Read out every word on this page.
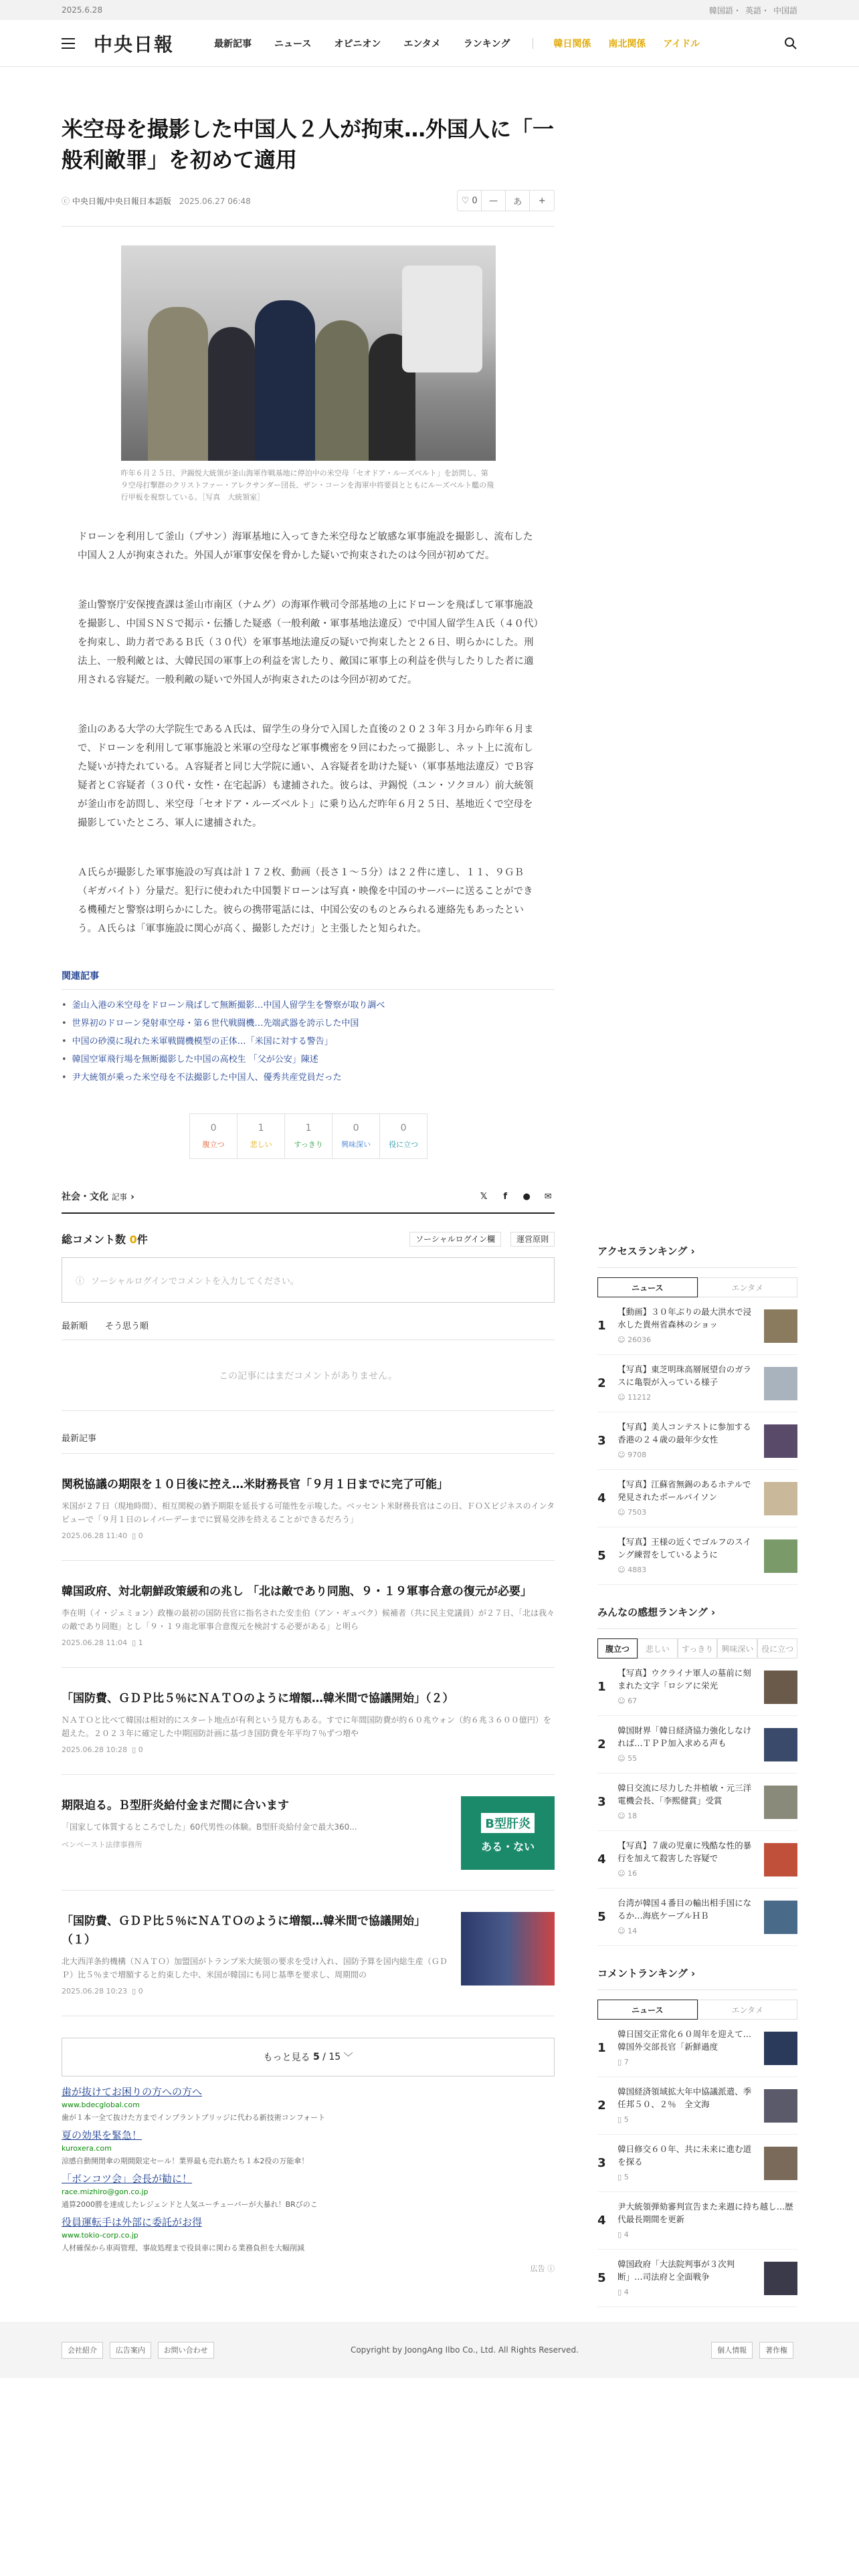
2025.6.28	韓国語・ 英語・ 中国語
中央日報	最新記事 ニュース オピニオン エンタメ ランキング	韓日関係 南北関係 アイドル
米空母を撮影した中国人２人が拘束…外国人に「一般利敵罪」を初めて適用
ⓒ 中央日報/中央日報日本語版 2025.06.27 06:48	♡ 0	—	あ	+
昨年６月２５日、尹錫悦大統領が釜山海軍作戦基地に停泊中の米空母「セオドア・ルーズベルト」を訪問し、第９空母打撃群のクリストファー・アレクサンダー団長、ザン・コーンを海軍中将要員とともにルーズベルト艦の飛行甲板を視察している。［写真　大統領室］

ドローンを利用して釜山（プサン）海軍基地に入ってきた米空母など敏感な軍事施設を撮影し、流布した中国人２人が拘束された。外国人が軍事安保を脅かした疑いで拘束されたのは今回が初めてだ。

釜山警察庁安保捜査課は釜山市南区（ナムグ）の海軍作戦司令部基地の上にドローンを飛ばして軍事施設を撮影し、中国ＳＮＳで掲示・伝播した疑惑（一般利敵・軍事基地法違反）で中国人留学生Ａ氏（４０代）を拘束し、助力者であるＢ氏（３０代）を軍事基地法違反の疑いで拘束したと２６日、明らかにした。刑法上、一般利敵とは、大韓民国の軍事上の利益を害したり、敵国に軍事上の利益を供与したりした者に適用される容疑だ。一般利敵の疑いで外国人が拘束されたのは今回が初めてだ。

釜山のある大学の大学院生であるＡ氏は、留学生の身分で入国した直後の２０２３年３月から昨年６月まで、ドローンを利用して軍事施設と米軍の空母など軍事機密を９回にわたって撮影し、ネット上に流布した疑いが持たれている。Ａ容疑者と同じ大学院に通い、Ａ容疑者を助けた疑い（軍事基地法違反）でＢ容疑者とＣ容疑者（３０代・女性・在宅起訴）も逮捕された。彼らは、尹錫悦（ユン・ソクヨル）前大統領が釜山市を訪問し、米空母「セオドア・ルーズベルト」に乗り込んだ昨年６月２５日、基地近くで空母を撮影していたところ、軍人に逮捕された。

Ａ氏らが撮影した軍事施設の写真は計１７２枚、動画（長さ１〜５分）は２２件に達し、１１、９ＧＢ（ギガバイト）分量だ。犯行に使われた中国製ドローンは写真・映像を中国のサーバーに送ることができる機種だと警察は明らかにした。彼らの携帯電話には、中国公安のものとみられる連絡先もあったという。Ａ氏らは「軍事施設に関心が高く、撮影しただけ」と主張したと知られた。

関連記事
• 釜山入港の米空母をドローン飛ばして無断撮影…中国人留学生を警察が取り調べ
• 世界初のドローン発射車空母・第６世代戦闘機…先端武器を誇示した中国
• 中国の砂漠に現れた米軍戦闘機模型の正体…「米国に対する警告」
• 韓国空軍飛行場を無断撮影した中国の高校生 「父が公安」陳述
• 尹大統領が乗った米空母を不法撮影した中国人、優秀共産党員だった
0
腹立つ
1
悲しい
1
すっきり
0
興味深い
0
役に立つ
社会・文化 記事 ›	𝕏	f	●	✉
総コメント数 0件	ソーシャルログイン欄	運営原則
ⓘ ソーシャルログインでコメントを入力してください。
最新順 そう思う順
この記事にはまだコメントがありません。
最新記事
関税協議の期限を１０日後に控え…米財務長官「９月１日までに完了可能」
米国が２７日（現地時間）、相互関税の猶予期限を延長する可能性を示唆した。ベッセント米財務長官はこの日、ＦＯＸビジネスのインタビューで「９月１日のレイバーデーまでに貿易交渉を終えることができるだろう」
2025.06.28 11:40  ▯ 0
韓国政府、対北朝鮮政策緩和の兆し 「北は敵であり同胞、９・１９軍事合意の復元が必要」
李在明（イ・ジェミョン）政権の最初の国防長官に指名された安圭伯（アン・ギュベク）候補者（共に民主党議員）が２７日、「北は我々の敵であり同胞」とし「９・１９南北軍事合意復元を検討する必要がある」と明ら
2025.06.28 11:04  ▯ 1
「国防費、ＧＤＰ比５％にＮＡＴＯのように増額…韓米間で協議開始」（２）
ＮＡＴＯと比べて韓国は相対的にスタート地点が有利という見方もある。すでに年間国防費が約６０兆ウォン（約６兆３６００億円）を超えた。２０２３年に確定した中期国防計画に基づき国防費を年平均７％ずつ増や
2025.06.28 10:28  ▯ 0
期限迫る。Ｂ型肝炎給付金まだ間に合います
「国家して体質するところでした」60代男性の体験。B型肝炎給付金で最大360...
ベンベースト法律事務所
B型肝炎
ある・ない
「国防費、ＧＤＰ比５％にＮＡＴＯのように増額…韓米間で協議開始」（１）
北大西洋条約機構（ＮＡＴＯ）加盟国がトランプ米大統領の要求を受け入れ、国防予算を国内総生産（ＧＤＰ）比５％まで増額すると約束した中、米国が韓国にも同じ基準を要求し、周期間の
2025.06.28 10:23  ▯ 0
もっと見る
5 / 15 ﹀
歯が抜けてお困りの方への方へ
www.bdecglobal.com
歯が１本一全て抜けた方までインプラントブリッジに代わる新技術コンフォート
夏の効果を緊急！
kuroxera.com
涼感自動開閉傘の期間限定セール！業界最も売れ筋たち１本2役の万能傘！
「ボンコツ会」会長が勧に！
race.mizhiro@gon.co.jp
通算2000勝を達成したレジェンドと人気ユーチューバーが大暴れ！BRびのこ
役員運転手は外部に委託がお得
www.tokio-corp.co.jp
人材確保から車両管理、事故処理まで役員車に関わる業務負担を大幅削減
広告 ⓘ
アクセスランキング ›
ニュース	エンタメ
1
【動画】３０年ぶりの最大洪水で浸水した貴州省森林のショッ
☺ 26036
2
【写真】東芝明珠高層展望台のガラスに亀裂が入っている様子
☺ 11212
3
【写真】美人コンテストに参加する香港の２４歳の最年少女性
☺ 9708
4
【写真】江蘇省無錫のあるホテルで発見されたボールパイソン
☺ 7503
5
【写真】王様の近くでゴルフのスイング練習をしているように
☺ 4883
みんなの感想ランキング ›
腹立つ	悲しい	すっきり	興味深い 役に立つ
1
【写真】ウクライナ軍人の墓前に刻まれた文字「ロシアに栄光
☺ 67
2
韓国財界「韓日経済協力強化しなければ…ＴＰＰ加入求める声も
☺ 55
3
韓日交流に尽力した井植敏・元三洋電機会長、「李熙健賞」受賞
☺ 18
4
【写真】７歳の児童に残酷な性的暴行を加えて殺害した容疑で
☺ 16
5
台湾が韓国４番目の輸出相手国になるか…海底ケーブルＨＢ
☺ 14
コメントランキング ›
ニュース	エンタメ
1
韓日国交正常化６０周年を迎えて…韓国外交部長官「新鮮過度
▯ 7
2
韓国経済領域拡大年中協議派遣、季任邦５０、２％　全文海
▯ 5
3
韓日修交６０年、共に未来に進む道を探る
▯ 5
4
尹大統領弾劾審判宣告また来週に持ち越し…歴代最長期間を更新
▯ 4
5
韓国政府「大法院判事が３次判断」…司法府と全面戦争
▯ 4
会社紹介	広告案内	お問い合わせ	Copyright by JoongAng Ilbo Co., Ltd. All Rights Reserved.	個人情報	著作権
